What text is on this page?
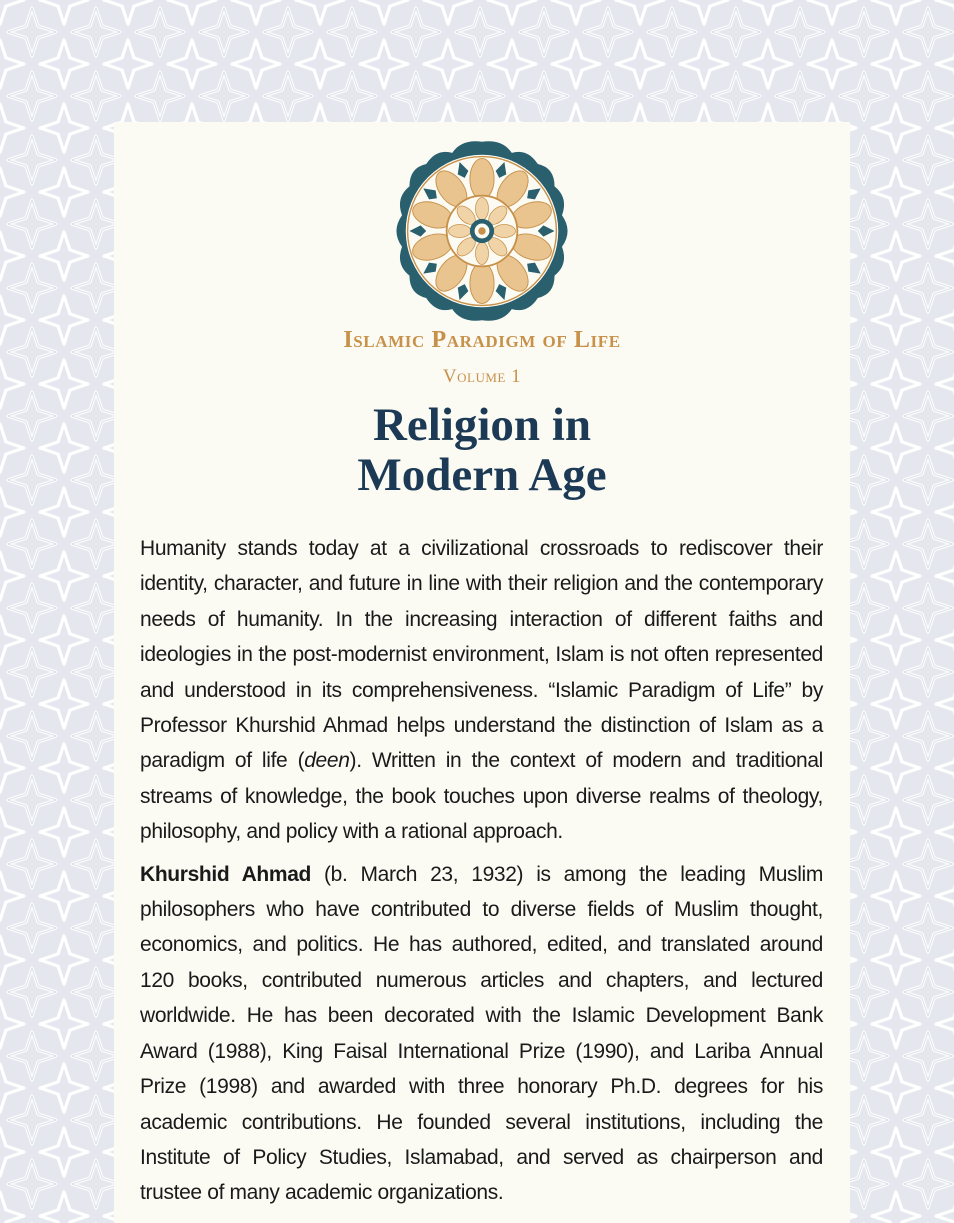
Islamic Paradigm of Life
Volume 1
Religion in
Modern Age

Humanity stands today at a civilizational crossroads to rediscover their identity, character, and future in line with their religion and the contemporary needs of humanity. In the increasing interaction of different faiths and ideologies in the post-modernist environment, Islam is not often represented and understood in its comprehensiveness. “Islamic Paradigm of Life” by Professor Khurshid Ahmad helps understand the distinction of Islam as a paradigm of life (deen). Written in the context of modern and traditional streams of knowledge, the book touches upon diverse realms of theology, philosophy, and policy with a rational approach.

Khurshid Ahmad (b. March 23, 1932) is among the leading Muslim philosophers who have contributed to diverse fields of Muslim thought, economics, and politics. He has authored, edited, and translated around 120 books, contributed numerous articles and chapters, and lectured worldwide. He has been decorated with the Islamic Development Bank Award (1988), King Faisal International Prize (1990), and Lariba Annual Prize (1998) and awarded with three honorary Ph.D. degrees for his academic contributions. He founded several institutions, including the Institute of Policy Studies, Islamabad, and served as chairperson and trustee of many academic organizations.
